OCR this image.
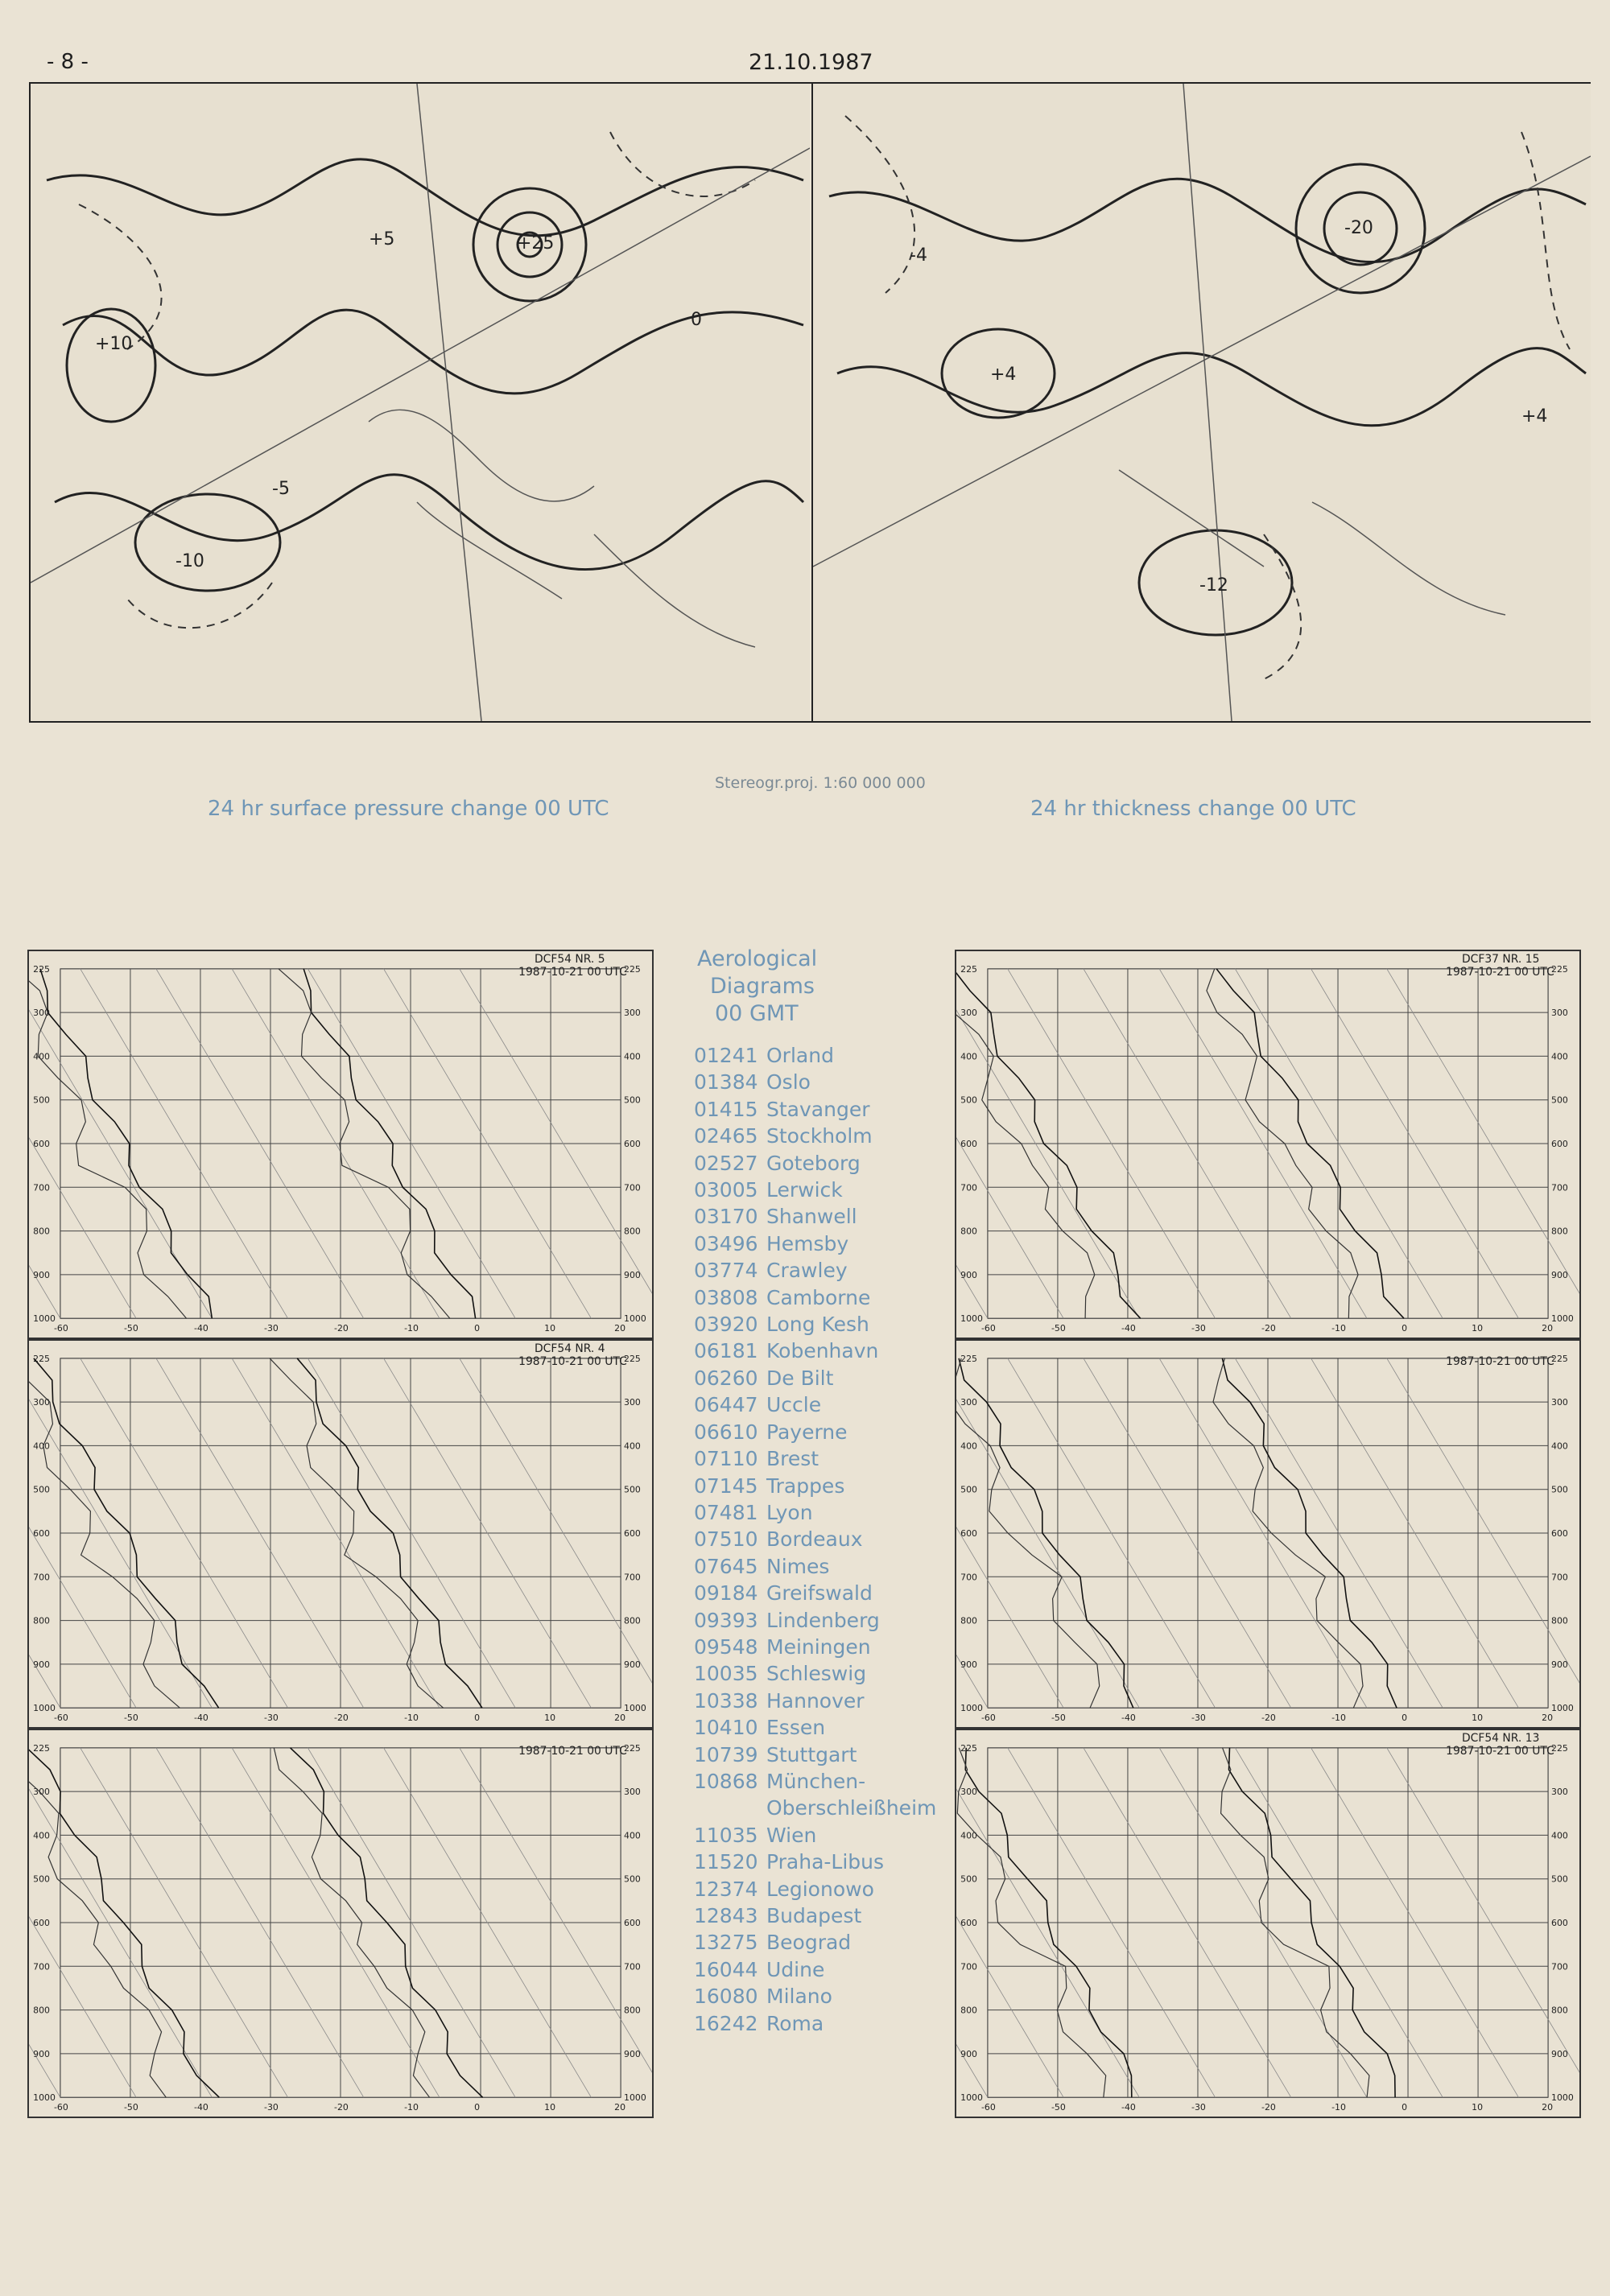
- 8 -	21.10.1987
+25
+10
-10
+5
-5
0
-20
+4
-12
+4
-4
Stereogr.proj. 1:60 000 000
24 hr surface pressure change 00 UTC	24 hr thickness change 00 UTC
DCF54 NR. 5
1987-10-21 00 UTC
225	225
300	300
400	400
500	500
600	600
700	700
800	800
900	900
1000	1000
-60	-50	-40	-30	-20	-10	0	10	20
DCF54 NR. 4
1987-10-21 00 UTC
225	225
300	300
400	400
500	500
600	600
700	700
800	800
900	900
1000	1000
-60	-50	-40	-30	-20	-10	0	10	20
1987-10-21 00 UTC
225	225
300	300
400	400
500	500
600	600
700	700
800	800
900	900
1000	1000
-60	-50	-40	-30	-20	-10	0	10	20
DCF37 NR. 15
1987-10-21 00 UTC
225	225
300	300
400	400
500	500
600	600
700	700
800	800
900	900
1000	1000
-60	-50	-40	-30	-20	-10	0	10	20
1987-10-21 00 UTC
225	225
300	300
400	400
500	500
600	600
700	700
800	800
900	900
1000	1000
-60	-50	-40	-30	-20	-10	0	10	20
DCF54 NR. 13
1987-10-21 00 UTC
225	225
300	300
400	400
500	500
600	600
700	700
800	800
900	900
1000	1000
-60	-50	-40	-30	-20	-10	0	10	20
Aerological
Diagrams
00 GMT
01241 Orland
01384 Oslo
01415 Stavanger
02465 Stockholm
02527 Goteborg
03005 Lerwick
03170 Shanwell
03496 Hemsby
03774 Crawley
03808 Camborne
03920 Long Kesh
06181 Kobenhavn
06260 De Bilt
06447 Uccle
06610 Payerne
07110 Brest
07145 Trappes
07481 Lyon
07510 Bordeaux
07645 Nimes
09184 Greifswald
09393 Lindenberg
09548 Meiningen
10035 Schleswig
10338 Hannover
10410 Essen
10739 Stuttgart
10868 München-
Oberschleißheim
11035 Wien
11520 Praha-Libus
12374 Legionowo
12843 Budapest
13275 Beograd
16044 Udine
16080 Milano
16242 Roma
